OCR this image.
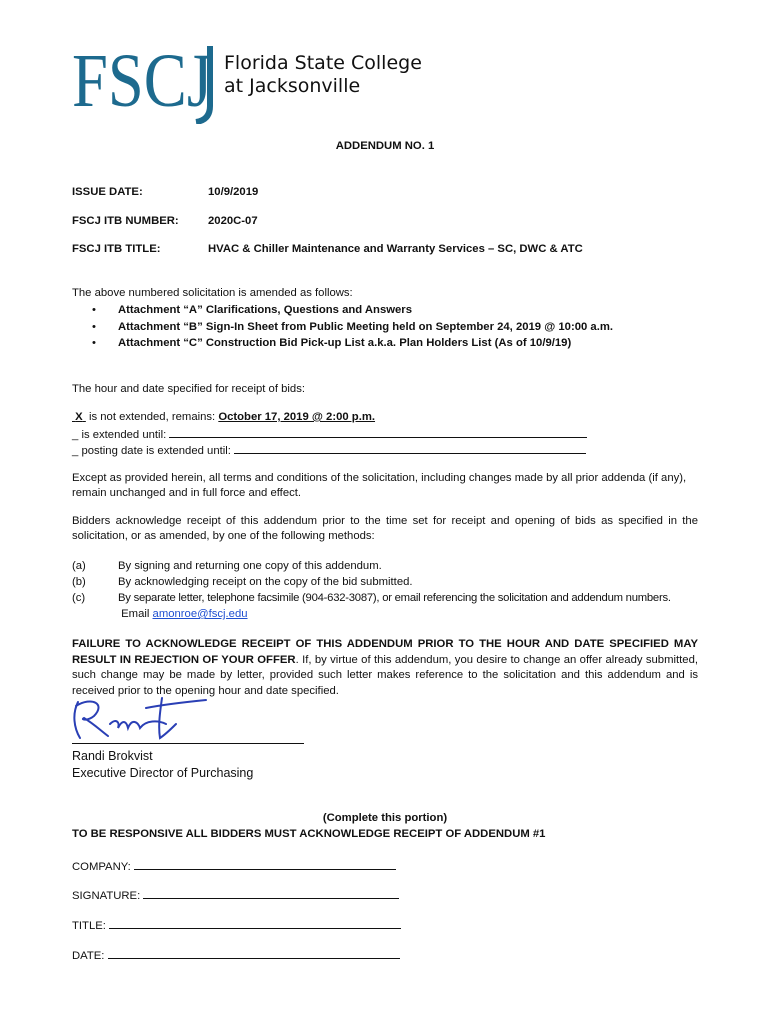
FSCJ Florida State College
at Jacksonville
ADDENDUM NO. 1
ISSUE DATE:	10/9/2019
FSCJ ITB NUMBER:	2020C-07
FSCJ ITB TITLE:	HVAC & Chiller Maintenance and Warranty Services – SC, DWC & ATC
The above numbered solicitation is amended as follows:
• Attachment “A” Clarifications, Questions and Answers
• Attachment “B” Sign-In Sheet from Public Meeting held on September 24, 2019 @ 10:00 a.m.
• Attachment “C” Construction Bid Pick-up List a.k.a. Plan Holders List (As of 10/9/19)
The hour and date specified for receipt of bids:
X is not extended, remains: October 17, 2019 @ 2:00 p.m.
_ is extended until:
_ posting date is extended until:
Except as provided herein, all terms and conditions of the solicitation, including changes made by all prior addenda (if any), remain unchanged and in full force and effect.
Bidders acknowledge receipt of this addendum prior to the time set for receipt and opening of bids as specified in the solicitation, or as amended, by one of the following methods:
(a)	By signing and returning one copy of this addendum.
(b)	By acknowledging receipt on the copy of the bid submitted.
(c)	By separate letter, telephone facsimile (904-632-3087), or email referencing the solicitation and addendum numbers.
Email amonroe@fscj.edu
FAILURE TO ACKNOWLEDGE RECEIPT OF THIS ADDENDUM PRIOR TO THE HOUR AND DATE SPECIFIED MAY RESULT IN REJECTION OF YOUR OFFER. If, by virtue of this addendum, you desire to change an offer already submitted, such change may be made by letter, provided such letter makes reference to the solicitation and this addendum and is received prior to the opening hour and date specified.
Randi Brokvist
Executive Director of Purchasing
(Complete this portion)
TO BE RESPONSIVE ALL BIDDERS MUST ACKNOWLEDGE RECEIPT OF ADDENDUM #1
COMPANY:
SIGNATURE:
TITLE:
DATE:
